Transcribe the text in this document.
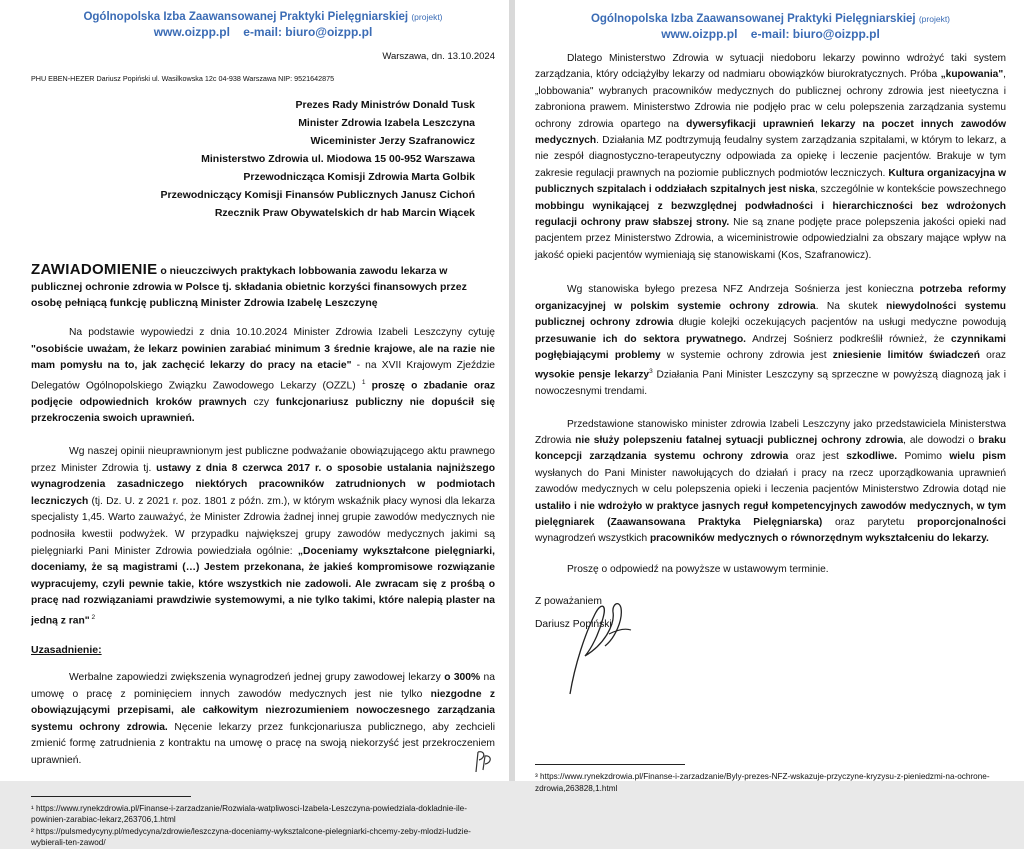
Ogólnopolska Izba Zaawansowanej Praktyki Pielęgniarskiej (projekt)
www.oizpp.pl e-mail: biuro@oizpp.pl
Warszawa, dn. 13.10.2024
PHU EBEN-HEZER Dariusz Popiński ul. Wasilkowska 12c 04-938 Warszawa NIP: 9521642875
Prezes Rady Ministrów Donald Tusk
Minister Zdrowia Izabela Leszczyna
Wiceminister Jerzy Szafranowicz
Ministerstwo Zdrowia ul. Miodowa 15 00-952 Warszawa
Przewodnicząca Komisji Zdrowia Marta Golbik
Przewodniczący Komisji Finansów Publicznych Janusz Cichoń
Rzecznik Praw Obywatelskich dr hab Marcin Wiącek
ZAWIADOMIENIE o nieuczciwych praktykach lobbowania zawodu lekarza w publicznej ochronie zdrowia w Polsce tj. składania obietnic korzyści finansowych przez osobę pełniącą funkcję publiczną Minister Zdrowia Izabelę Leszczynę

Na podstawie wypowiedzi z dnia 10.10.2024 Minister Zdrowia Izabeli Leszczyny cytuję "osobiście uważam, że lekarz powinien zarabiać minimum 3 średnie krajowe, ale na razie nie mam pomysłu na to, jak zachęcić lekarzy do pracy na etacie" - na XVII Krajowym Zjeździe Delegatów Ogólnopolskiego Związku Zawodowego Lekarzy (OZZL) $^1$ proszę o zbadanie oraz podjęcie odpowiednich kroków prawnych czy funkcjonariusz publiczny nie dopuścił się przekroczenia swoich uprawnień.

Wg naszej opinii nieuprawnionym jest publiczne podważanie obowiązującego aktu prawnego przez Minister Zdrowia tj. ustawy z dnia 8 czerwca 2017 r. o sposobie ustalania najniższego wynagrodzenia zasadniczego niektórych pracowników zatrudnionych w podmiotach leczniczych (tj. Dz. U. z 2021 r. poz. 1801 z późn. zm.), w którym wskaźnik płacy wynosi dla lekarza specjalisty 1,45. Warto zauważyć, że Minister Zdrowia żadnej innej grupie zawodów medycznych nie podnosiła kwestii podwyżek. W przypadku największej grupy zawodów medycznych jakimi są pielęgniarki Pani Minister Zdrowia powiedziała ogólnie: „Doceniamy wykształcone pielęgniarki, doceniamy, że są magistrami (…) Jestem przekonana, że jakieś kompromisowe rozwiązanie wypracujemy, czyli pewnie takie, które wszystkich nie zadowoli. Ale zwracam się z prośbą o pracę nad rozwiązaniami prawdziwie systemowymi, a nie tylko takimi, które nalepią plaster na jedną z ran" $^2$

Uzasadnienie:

Werbalne zapowiedzi zwiększenia wynagrodzeń jednej grupy zawodowej lekarzy o 300% na umowę o pracę z pominięciem innych zawodów medycznych jest nie tylko niezgodne z obowiązującymi przepisami, ale całkowitym niezrozumieniem nowoczesnego zarządzania systemu ochrony zdrowia. Nęcenie lekarzy przez funkcjonariusza publicznego, aby zechcieli zmienić formę zatrudnienia z kontraktu na umowę o pracę na swoją niekorzyść jest przekroczeniem uprawnień.

¹ https://www.rynekzdrowia.pl/Finanse-i-zarzadzanie/Rozwiala-watpliwosci-Izabela-Leszczyna-powiedziala-dokladnie-ile-powinien-zarabiac-lekarz,263706,1.html
² https://pulsmedycyny.pl/medycyna/zdrowie/leszczyna-doceniamy-wyksztalcone-pielegniarki-chcemy-zeby-mlodzi-ludzie-wybierali-ten-zawod/
Ogólnopolska Izba Zaawansowanej Praktyki Pielęgniarskiej (projekt)
www.oizpp.pl e-mail: biuro@oizpp.pl

Dlatego Ministerstwo Zdrowia w sytuacji niedoboru lekarzy powinno wdrożyć taki system zarządzania, który odciążyłby lekarzy od nadmiaru obowiązków biurokratycznych. Próba „kupowania", „lobbowania" wybranych pracowników medycznych do publicznej ochrony zdrowia jest nieetyczna i zabroniona prawem. Ministerstwo Zdrowia nie podjęło prac w celu polepszenia zarządzania systemu ochrony zdrowia opartego na dywersyfikacji uprawnień lekarzy na poczet innych zawodów medycznych. Działania MZ podtrzymują feudalny system zarządzania szpitalami, w którym to lekarz, a nie zespół diagnostyczno-terapeutyczny odpowiada za opiekę i leczenie pacjentów. Brakuje w tym zakresie regulacji prawnych na poziomie publicznych podmiotów leczniczych. Kultura organizacyjna w publicznych szpitalach i oddziałach szpitalnych jest niska, szczególnie w kontekście powszechnego mobbingu wynikającej z bezwzględnej podwładności i hierarchiczności bez wdrożonych regulacji ochrony praw słabszej strony. Nie są znane podjęte prace polepszenia jakości opieki nad pacjentem przez Ministerstwo Zdrowia, a wiceministrowie odpowiedzialni za obszary mające wpływ na jakość opieki pacjentów wymieniają się stanowiskami (Kos, Szafranowicz).

Wg stanowiska byłego prezesa NFZ Andrzeja Sośnierza jest konieczna potrzeba reformy organizacyjnej w polskim systemie ochrony zdrowia. Na skutek niewydolności systemu publicznej ochrony zdrowia długie kolejki oczekujących pacjentów na usługi medyczne powodują przesuwanie ich do sektora prywatnego. Andrzej Sośnierz podkreślił również, że czynnikami pogłębiającymi problemy w systemie ochrony zdrowia jest zniesienie limitów świadczeń oraz wysokie pensje lekarzy$^3$ Działania Pani Minister Leszczyny są sprzeczne w powyższą diagnozą jak i nowoczesnymi trendami.

Przedstawione stanowisko minister zdrowia Izabeli Leszczyny jako przedstawiciela Ministerstwa Zdrowia nie służy polepszeniu fatalnej sytuacji publicznej ochrony zdrowia, ale dowodzi o braku koncepcji zarządzania systemu ochrony zdrowia oraz jest szkodliwe. Pomimo wielu pism wysłanych do Pani Minister nawołujących do działań i pracy na rzecz uporządkowania uprawnień zawodów medycznych w celu polepszenia opieki i leczenia pacjentów Ministerstwo Zdrowia dotąd nie ustaliło i nie wdrożyło w praktyce jasnych reguł kompetencyjnych zawodów medycznych, w tym pielęgniarek (Zaawansowana Praktyka Pielęgniarska) oraz parytetu proporcjonalności wynagrodzeń wszystkich pracowników medycznych o równorzędnym wykształceniu do lekarzy.

Proszę o odpowiedź na powyższe w ustawowym terminie.

Z poważaniem
Dariusz Popiński
³ https://www.rynekzdrowia.pl/Finanse-i-zarzadzanie/Byly-prezes-NFZ-wskazuje-przyczyne-kryzysu-z-pieniedzmi-na-ochrone-zdrowia,263828,1.html
